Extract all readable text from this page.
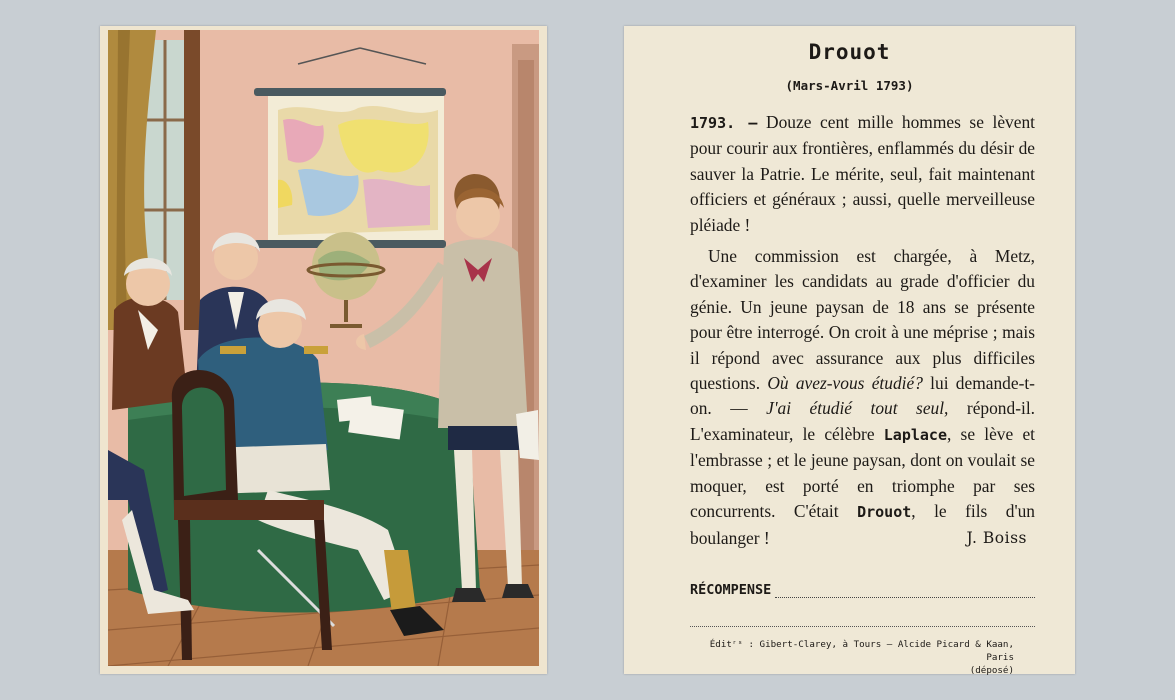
Drouot
(Mars-Avril 1793)

1793. — Douze cent mille hommes se lèvent pour courir aux frontières, enflammés du désir de sauver la Patrie. Le mérite, seul, fait maintenant officiers et généraux ; aussi, quelle merveilleuse pléiade !

Une commission est chargée, à Metz, d'examiner les candidats au grade d'officier du génie. Un jeune paysan de 18 ans se présente pour être interrogé. On croit à une méprise ; mais il répond avec assurance aux plus difficiles questions. Où avez-vous étudié? lui demande-t-on. — J'ai étudié tout seul, répond-il. L'examinateur, le célèbre Laplace, se lève et l'embrasse ; et le jeune paysan, dont on voulait se moquer, est porté en triomphe par ses concurrents. C'était Drouot, le fils d'un boulanger !	J. Boiss

RÉCOMPENSE
Éditʳˢ : Gibert-Clarey, à Tours — Alcide Picard & Kaan, Paris
(déposé)
